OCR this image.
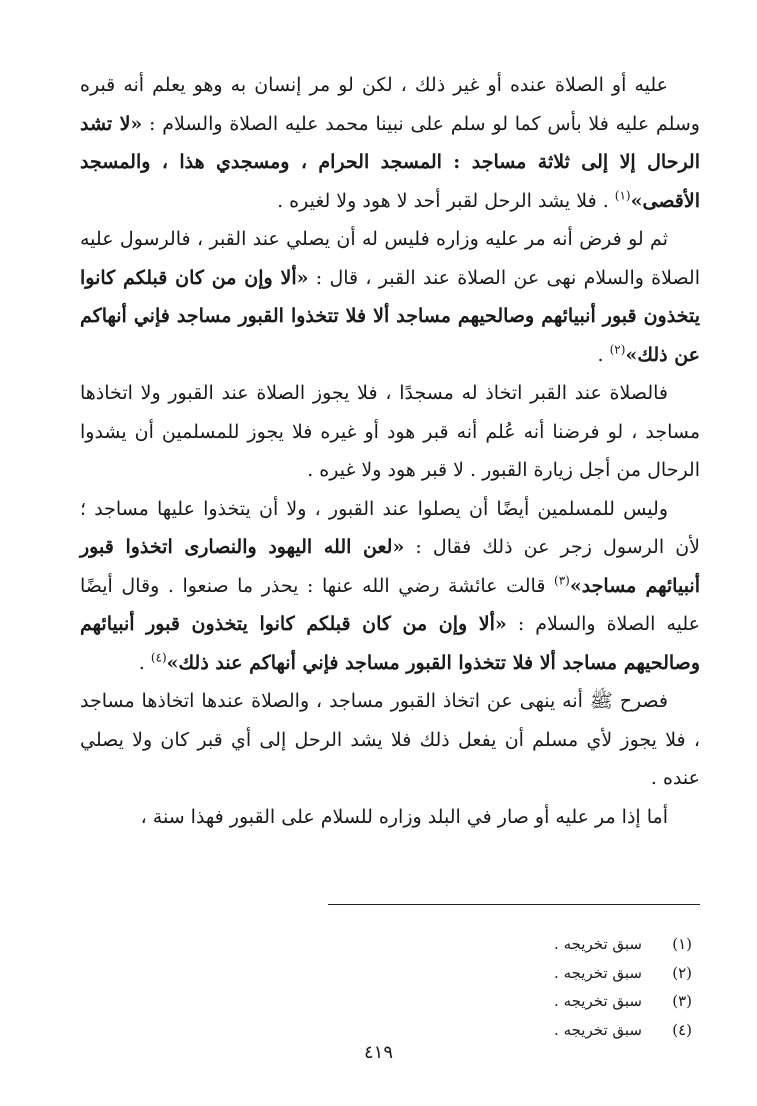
عليه أو الصلاة عنده أو غير ذلك ، لكن لو مر إنسان به وهو يعلم أنه قبره وسلم عليه فلا بأس كما لو سلم على نبينا محمد عليه الصلاة والسلام : «لا تشد الرحال إلا إلى ثلاثة مساجد : المسجد الحرام ، ومسجدي هذا ، والمسجد الأقصى»$^{(١)}$ . فلا يشد الرحل لقبر أحد لا هود ولا لغيره .

ثم لو فرض أنه مر عليه وزاره فليس له أن يصلي عند القبر ، فالرسول عليه الصلاة والسلام نهى عن الصلاة عند القبر ، قال : «ألا وإن من كان قبلكم كانوا يتخذون قبور أنبيائهم وصالحيهم مساجد ألا فلا تتخذوا القبور مساجد فإني أنهاكم عن ذلك»$^{(٢)}$ .

فالصلاة عند القبر اتخاذ له مسجدًا ، فلا يجوز الصلاة عند القبور ولا اتخاذها مساجد ، لو فرضنا أنه عُلم أنه قبر هود أو غيره فلا يجوز للمسلمين أن يشدوا الرحال من أجل زيارة القبور . لا قبر هود ولا غيره .

وليس للمسلمين أيضًا أن يصلوا عند القبور ، ولا أن يتخذوا عليها مساجد ؛ لأن الرسول زجر عن ذلك فقال : «لعن الله اليهود والنصارى اتخذوا قبور أنبيائهم مساجد»$^{(٣)}$ قالت عائشة رضي الله عنها : يحذر ما صنعوا . وقال أيضًا عليه الصلاة والسلام : «ألا وإن من كان قبلكم كانوا يتخذون قبور أنبيائهم وصالحيهم مساجد ألا فلا تتخذوا القبور مساجد فإني أنهاكم عند ذلك»$^{(٤)}$ .

فصرح ﷺ أنه ينهى عن اتخاذ القبور مساجد ، والصلاة عندها اتخاذها مساجد ، فلا يجوز لأي مسلم أن يفعل ذلك فلا يشد الرحل إلى أي قبر كان ولا يصلي عنده .

أما إذا مر عليه أو صار في البلد وزاره للسلام على القبور فهذا سنة ،

(١)
سبق تخريجه .
(٢)
سبق تخريجه .
(٣)
سبق تخريجه .
(٤)
سبق تخريجه .
٤١٩
